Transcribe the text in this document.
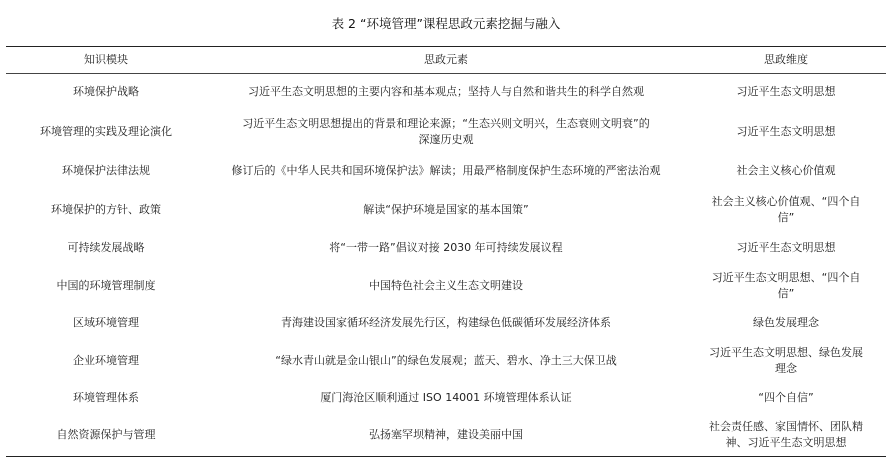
表 2 “环境管理”课程思政元素挖掘与融入
知识模块	思政元素	思政维度
环境保护战略	习近平生态文明思想的主要内容和基本观点；坚持人与自然和谐共生的科学自然观	习近平生态文明思想
环境管理的实践及理论演化	习近平生态文明思想提出的背景和理论来源；“生态兴则文明兴，生态衰则文明衰”的深邃历史观	习近平生态文明思想
环境保护法律法规	修订后的《中华人民共和国环境保护法》解读；用最严格制度保护生态环境的严密法治观	社会主义核心价值观
环境保护的方针、政策	解读“保护环境是国家的基本国策”	社会主义核心价值观、“四个自信”
可持续发展战略	将“一带一路”倡议对接 2030 年可持续发展议程	习近平生态文明思想
中国的环境管理制度	中国特色社会主义生态文明建设	习近平生态文明思想、“四个自信”
区域环境管理	青海建设国家循环经济发展先行区，构建绿色低碳循环发展经济体系	绿色发展理念
企业环境管理	“绿水青山就是金山银山”的绿色发展观；蓝天、碧水、净土三大保卫战	习近平生态文明思想、绿色发展理念
环境管理体系	厦门海沧区顺利通过 ISO 14001 环境管理体系认证	“四个自信”
自然资源保护与管理	弘扬塞罕坝精神，建设美丽中国	社会责任感、家国情怀、团队精神、习近平生态文明思想
